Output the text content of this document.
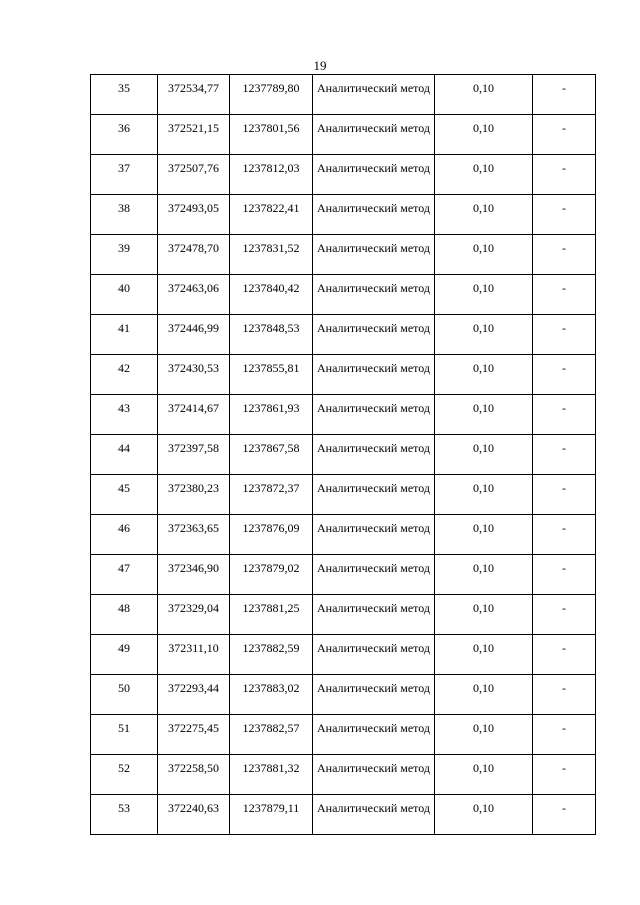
19
35	372534,77	1237789,80	Аналитический метод	0,10	-
36	372521,15	1237801,56	Аналитический метод	0,10	-
37	372507,76	1237812,03	Аналитический метод	0,10	-
38	372493,05	1237822,41	Аналитический метод	0,10	-
39	372478,70	1237831,52	Аналитический метод	0,10	-
40	372463,06	1237840,42	Аналитический метод	0,10	-
41	372446,99	1237848,53	Аналитический метод	0,10	-
42	372430,53	1237855,81	Аналитический метод	0,10	-
43	372414,67	1237861,93	Аналитический метод	0,10	-
44	372397,58	1237867,58	Аналитический метод	0,10	-
45	372380,23	1237872,37	Аналитический метод	0,10	-
46	372363,65	1237876,09	Аналитический метод	0,10	-
47	372346,90	1237879,02	Аналитический метод	0,10	-
48	372329,04	1237881,25	Аналитический метод	0,10	-
49	372311,10	1237882,59	Аналитический метод	0,10	-
50	372293,44	1237883,02	Аналитический метод	0,10	-
51	372275,45	1237882,57	Аналитический метод	0,10	-
52	372258,50	1237881,32	Аналитический метод	0,10	-
53	372240,63	1237879,11	Аналитический метод	0,10	-
